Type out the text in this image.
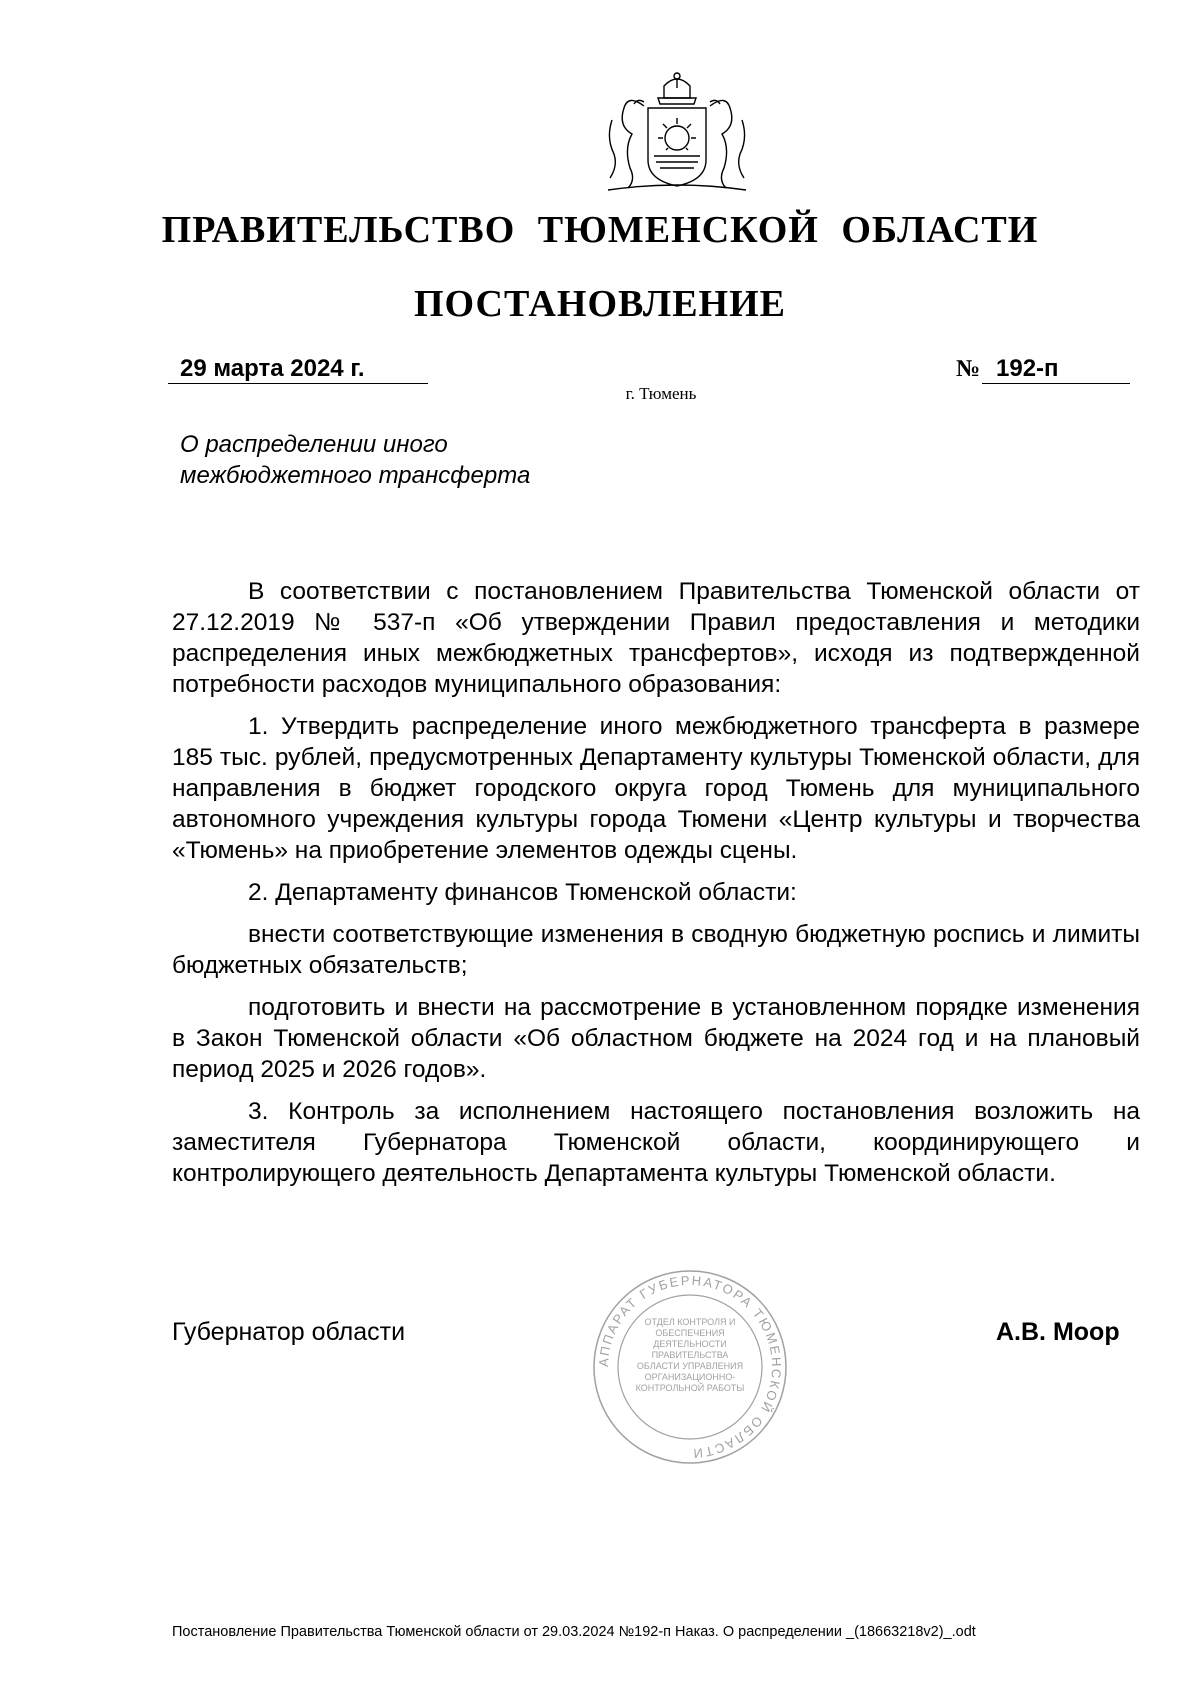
ПРАВИТЕЛЬСТВО ТЮМЕНСКОЙ ОБЛАСТИ
ПОСТАНОВЛЕНИЕ
29 марта 2024 г.	№ 192-п
г. Тюмень
О распределении иного
межбюджетного трансферта

В соответствии с постановлением Правительства Тюменской области от 27.12.2019 № 537-п «Об утверждении Правил предоставления и методики распределения иных межбюджетных трансфертов», исходя из подтвержденной потребности расходов муниципального образования:

1. Утвердить распределение иного межбюджетного трансферта в размере 185 тыс. рублей, предусмотренных Департаменту культуры Тюменской области, для направления в бюджет городского округа город Тюмень для муниципального автономного учреждения культуры города Тюмени «Центр культуры и творчества «Тюмень» на приобретение элементов одежды сцены.

2. Департаменту финансов Тюменской области:

внести соответствующие изменения в сводную бюджетную роспись и лимиты бюджетных обязательств;

подготовить и внести на рассмотрение в установленном порядке изменения в Закон Тюменской области «Об областном бюджете на 2024 год и на плановый период 2025 и 2026 годов».

3. Контроль за исполнением настоящего постановления возложить на заместителя Губернатора Тюменской области, координирующего и контролирующего деятельность Департамента культуры Тюменской области.

Губернатор области
АППАРАТ ГУБЕРНАТОРА ТЮМЕНСКОЙ ОБЛАСТИ
ОТДЕЛ КОНТРОЛЯ И ОБЕСПЕЧЕНИЯ ДЕЯТЕЛЬНОСТИ ПРАВИТЕЛЬСТВА ОБЛАСТИ УПРАВЛЕНИЯ ОРГАНИЗАЦИОННО-КОНТРОЛЬНОЙ РАБОТЫ
А.В. Моор
Постановление Правительства Тюменской области от 29.03.2024 №192-п Наказ. О распределении _(18663218v2)_.odt
